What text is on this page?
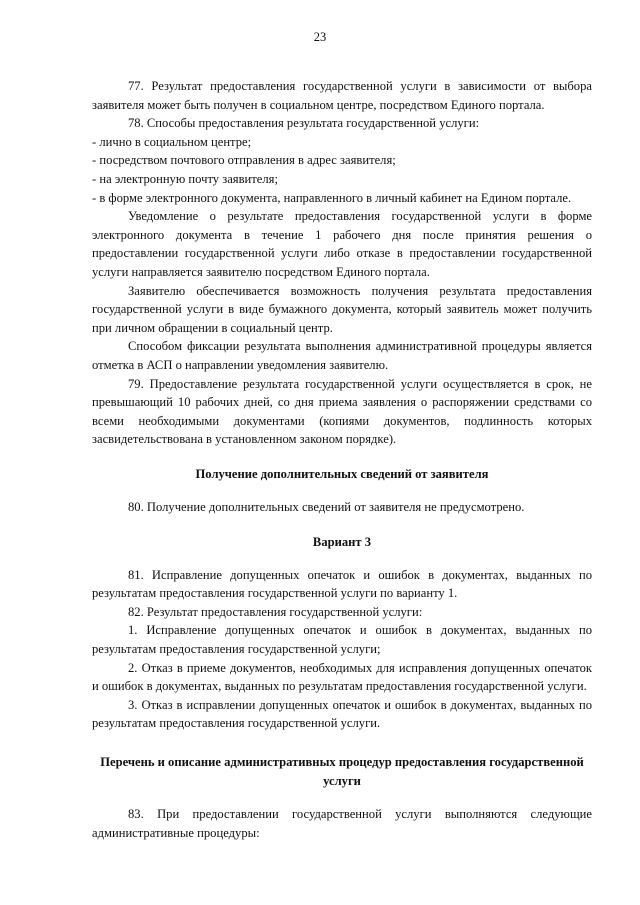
23

77. Результат предоставления государственной услуги в зависимости от выбора заявителя может быть получен в социальном центре, посредством Единого портала.

78. Способы предоставления результата государственной услуги:

- лично в социальном центре;

- посредством почтового отправления в адрес заявителя;

- на электронную почту заявителя;

- в форме электронного документа, направленного в личный кабинет на Едином портале.

Уведомление о результате предоставления государственной услуги в форме электронного документа в течение 1 рабочего дня после принятия решения о предоставлении государственной услуги либо отказе в предоставлении государственной услуги направляется заявителю посредством Единого портала.

Заявителю обеспечивается возможность получения результата предоставления государственной услуги в виде бумажного документа, который заявитель может получить при личном обращении в социальный центр.

Способом фиксации результата выполнения административной процедуры является отметка в АСП о направлении уведомления заявителю.

79. Предоставление результата государственной услуги осуществляется в срок, не превышающий 10 рабочих дней, со дня приема заявления о распоряжении средствами со всеми необходимыми документами (копиями документов, подлинность которых засвидетельствована в установленном законом порядке).

Получение дополнительных сведений от заявителя

80. Получение дополнительных сведений от заявителя не предусмотрено.

Вариант 3

81. Исправление допущенных опечаток и ошибок в документах, выданных по результатам предоставления государственной услуги по варианту 1.

82. Результат предоставления государственной услуги:

1. Исправление допущенных опечаток и ошибок в документах, выданных по результатам предоставления государственной услуги;

2. Отказ в приеме документов, необходимых для исправления допущенных опечаток и ошибок в документах, выданных по результатам предоставления государственной услуги.

3. Отказ в исправлении допущенных опечаток и ошибок в документах, выданных по результатам предоставления государственной услуги.

Перечень и описание административных процедур предоставления государственной услуги

83. При предоставлении государственной услуги выполняются следующие административные процедуры:
